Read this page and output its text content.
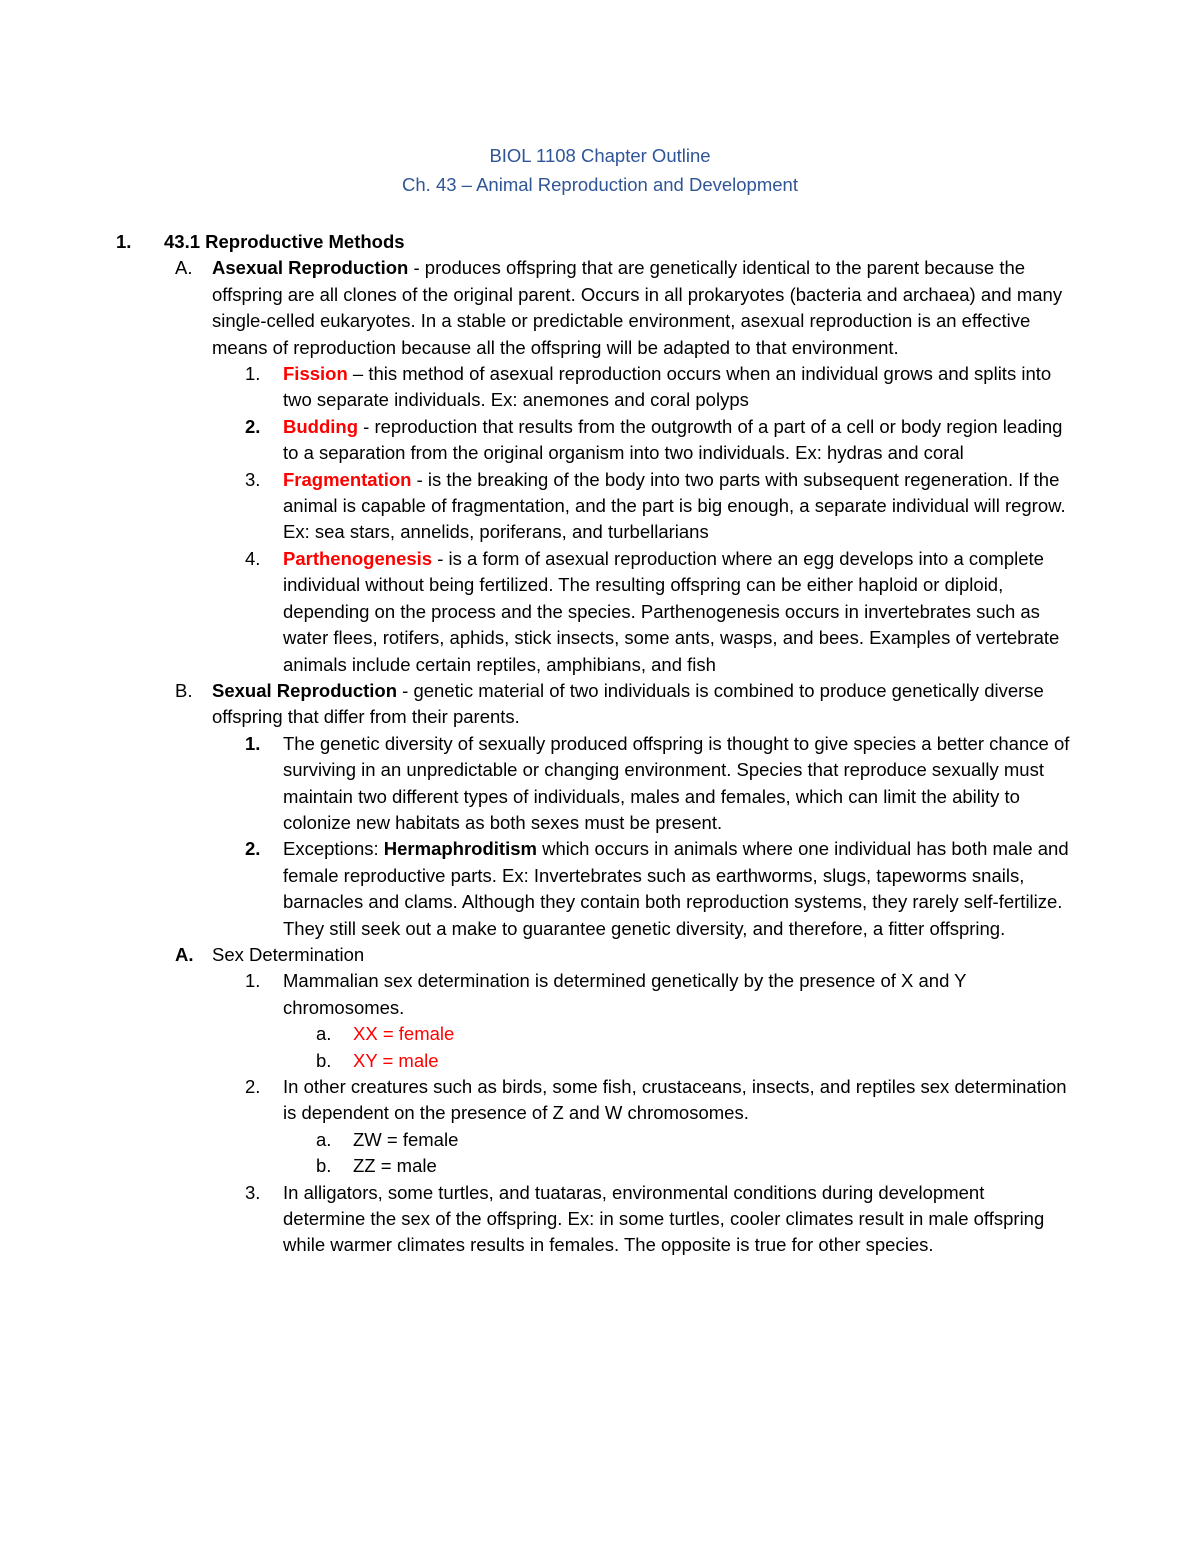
BIOL 1108 Chapter Outline
Ch. 43 – Animal Reproduction and Development
1. 43.1 Reproductive Methods
A. Asexual Reproduction - produces offspring that are genetically identical to the parent because the offspring are all clones of the original parent. Occurs in all prokaryotes (bacteria and archaea) and many single-celled eukaryotes. In a stable or predictable environment, asexual reproduction is an effective means of reproduction because all the offspring will be adapted to that environment.
1. Fission – this method of asexual reproduction occurs when an individual grows and splits into two separate individuals. Ex: anemones and coral polyps
2. Budding - reproduction that results from the outgrowth of a part of a cell or body region leading to a separation from the original organism into two individuals. Ex: hydras and coral
3. Fragmentation - is the breaking of the body into two parts with subsequent regeneration. If the animal is capable of fragmentation, and the part is big enough, a separate individual will regrow. Ex: sea stars, annelids, poriferans, and turbellarians
4. Parthenogenesis - is a form of asexual reproduction where an egg develops into a complete individual without being fertilized. The resulting offspring can be either haploid or diploid, depending on the process and the species. Parthenogenesis occurs in invertebrates such as water flees, rotifers, aphids, stick insects, some ants, wasps, and bees. Examples of vertebrate animals include certain reptiles, amphibians, and fish
B. Sexual Reproduction - genetic material of two individuals is combined to produce genetically diverse offspring that differ from their parents.
1. The genetic diversity of sexually produced offspring is thought to give species a better chance of surviving in an unpredictable or changing environment. Species that reproduce sexually must maintain two different types of individuals, males and females, which can limit the ability to colonize new habitats as both sexes must be present.
2. Exceptions: Hermaphroditism which occurs in animals where one individual has both male and female reproductive parts. Ex: Invertebrates such as earthworms, slugs, tapeworms snails, barnacles and clams. Although they contain both reproduction systems, they rarely self-fertilize. They still seek out a make to guarantee genetic diversity, and therefore, a fitter offspring.
A. Sex Determination
1. Mammalian sex determination is determined genetically by the presence of X and Y chromosomes.
a. XX = female
b. XY = male
2. In other creatures such as birds, some fish, crustaceans, insects, and reptiles sex determination is dependent on the presence of Z and W chromosomes.
a. ZW = female
b. ZZ = male
3. In alligators, some turtles, and tuataras, environmental conditions during development determine the sex of the offspring. Ex: in some turtles, cooler climates result in male offspring while warmer climates results in females. The opposite is true for other species.
